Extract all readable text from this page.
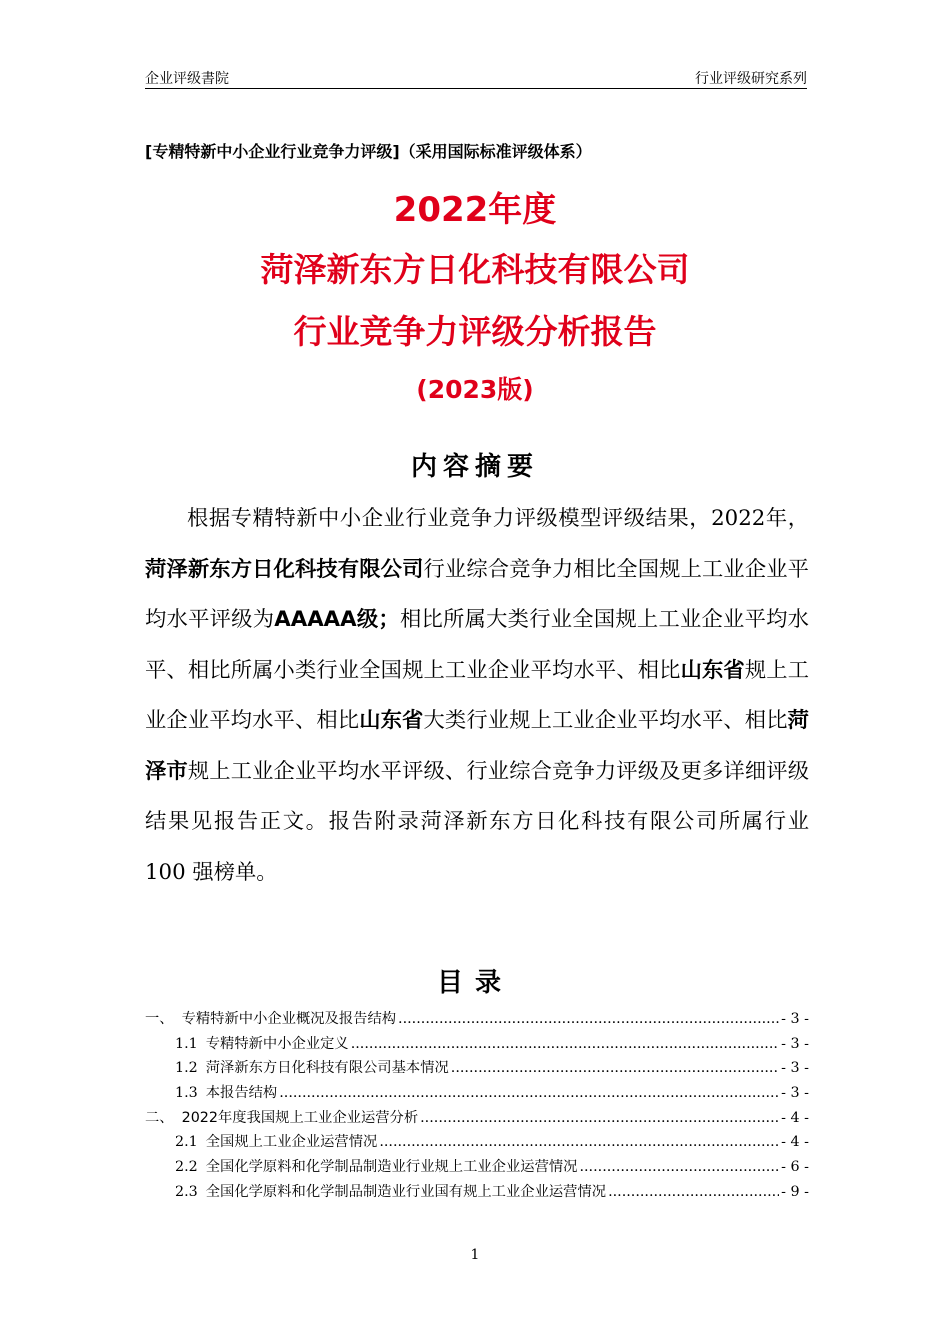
企业评级書院	行业评级研究系列
[专精特新中小企业行业竞争力评级]（采用国际标准评级体系）
2022年度
菏泽新东方日化科技有限公司
行业竞争力评级分析报告
(2023版)
内容摘要
根据专精特新中小企业行业竞争力评级模型评级结果，2022年，菏泽新东方日化科技有限公司行业综合竞争力相比全国规上工业企业平均水平评级为AAAAA级；相比所属大类行业全国规上工业企业平均水平、相比所属小类行业全国规上工业企业平均水平、相比山东省规上工业企业平均水平、相比山东省大类行业规上工业企业平均水平、相比菏泽市规上工业企业平均水平评级、行业综合竞争力评级及更多详细评级结果见报告正文。报告附录菏泽新东方日化科技有限公司所属行业 100 强榜单。
目录
一、 专精特新中小企业概况及报告结构 .....	- 3 -
1.1 专精特新中小企业定义 .....	- 3 -
1.2 菏泽新东方日化科技有限公司基本情况 .....	- 3 -
1.3 本报告结构 .....	- 3 -
二、 2022年度我国规上工业企业运营分析 .....	- 4 -
2.1 全国规上工业企业运营情况 .....	- 4 -
2.2 全国化学原料和化学制品制造业行业规上工业企业运营情况 .....	- 6 -
2.3 全国化学原料和化学制品制造业行业国有规上工业企业运营情况 .....	- 9 -
1
